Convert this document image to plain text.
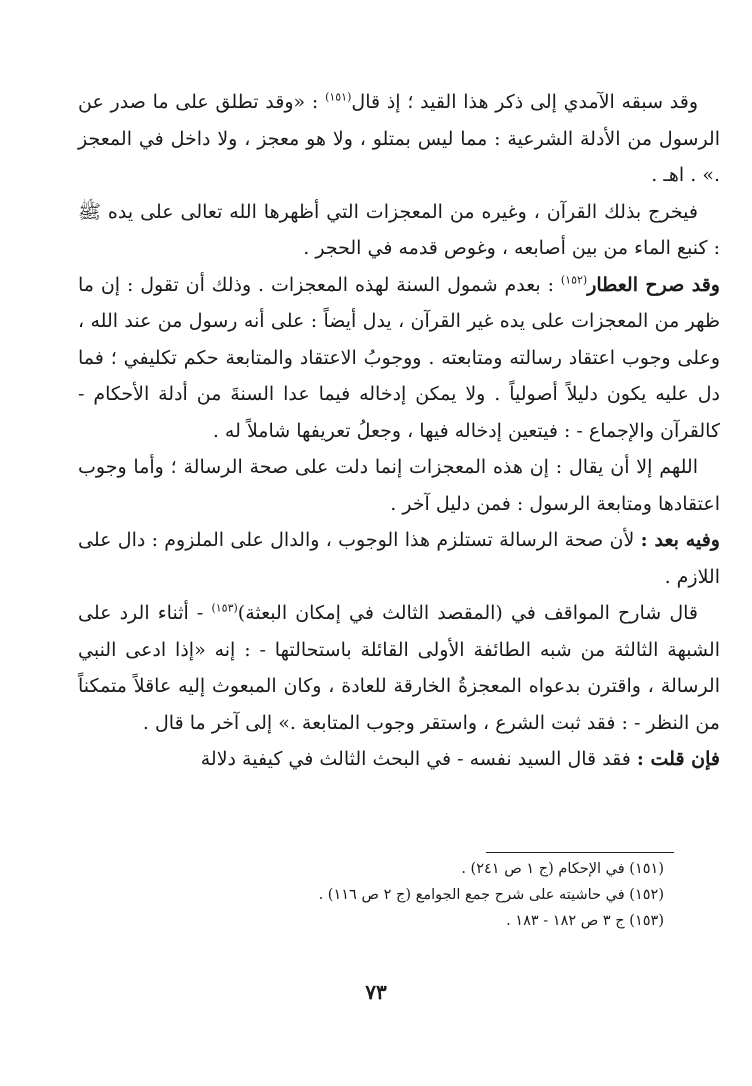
وقد سبقه الآمدي إلى ذكر هذا القيد ؛ إذ قال$^{(١٥١)}$ : «وقد تطلق على ما صدر عن الرسول من الأدلة الشرعية : مما ليس بمتلو ، ولا هو معجز ، ولا داخل في المعجز .» . اهـ .

فيخرج بذلك القرآن ، وغيره من المعجزات التي أظهرها الله تعالى على يده ﷺ : كنبع الماء من بين أصابعه ، وغوص قدمه في الحجر .

وقد صرح العطار$^{(١٥٢)}$ : بعدم شمول السنة لهذه المعجزات . وذلك أن تقول : إن ما ظهر من المعجزات على يده غير القرآن ، يدل أيضاً : على أنه رسول من عند الله ، وعلى وجوب اعتقاد رسالته ومتابعته . ووجوبُ الاعتقاد والمتابعة حكم تكليفي ؛ فما دل عليه يكون دليلاً أصولياً . ولا يمكن إدخاله فيما عدا السنةَ من أدلة الأحكام - كالقرآن والإجماع - : فيتعين إدخاله فيها ، وجعلُ تعريفها شاملاً له .

اللهم إلا أن يقال : إن هذه المعجزات إنما دلت على صحة الرسالة ؛ وأما وجوب اعتقادها ومتابعة الرسول : فمن دليل آخر .

وفيه بعد : لأن صحة الرسالة تستلزم هذا الوجوب ، والدال على الملزوم : دال على اللازم .

قال شارح المواقف في (المقصد الثالث في إمكان البعثة)$^{(١٥٣)}$ - أثناء الرد على الشبهة الثالثة من شبه الطائفة الأولى القائلة باستحالتها - : إنه «إذا ادعى النبي الرسالة ، واقترن بدعواه المعجزةُ الخارقة للعادة ، وكان المبعوث إليه عاقلاً متمكناً من النظر - : فقد ثبت الشرع ، واستقر وجوب المتابعة .» إلى آخر ما قال .

فإن قلت : فقد قال السيد نفسه - في البحث الثالث في كيفية دلالة

(١٥١) في الإحكام (ج ١ ص ٢٤١) .

(١٥٢) في حاشيته على شرح جمع الجوامع (ج ٢ ص ١١٦) .

(١٥٣) ج ٣ ص ١٨٢ - ١٨٣ .

٧٣
